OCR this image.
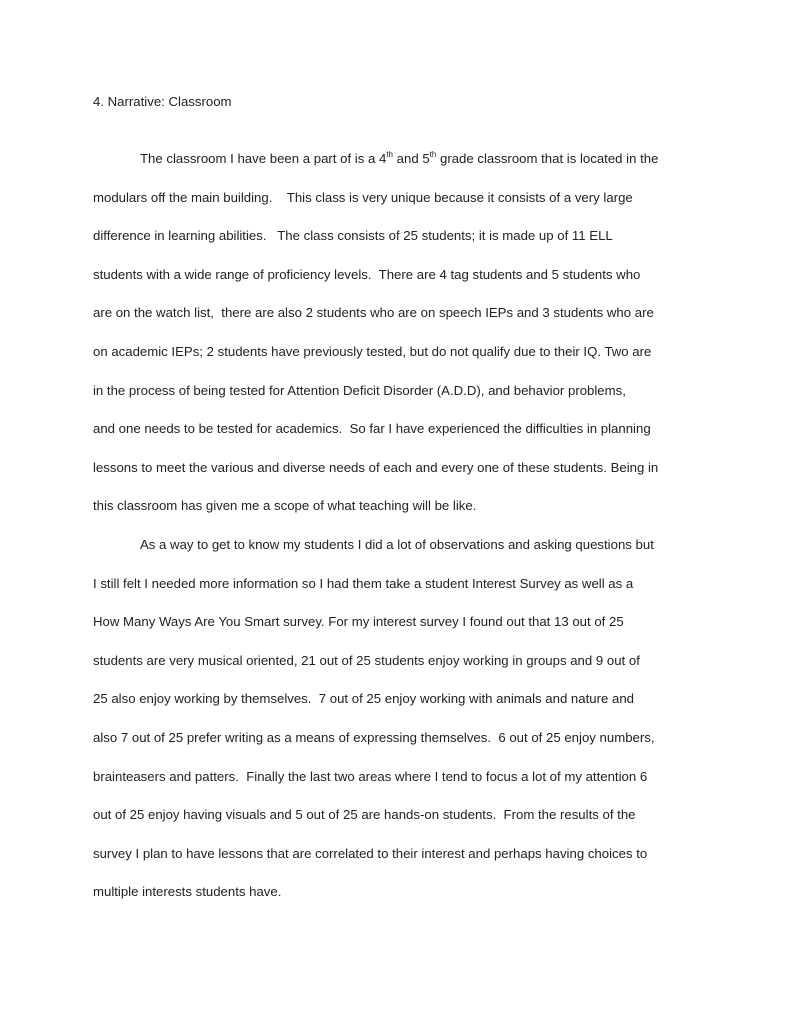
4. Narrative: Classroom
The classroom I have been a part of is a 4th and 5th grade classroom that is located in the
modulars off the main building.    This class is very unique because it consists of a very large
difference in learning abilities.   The class consists of 25 students; it is made up of 11 ELL
students with a wide range of proficiency levels.  There are 4 tag students and 5 students who
are on the watch list,  there are also 2 students who are on speech IEPs and 3 students who are
on academic IEPs; 2 students have previously tested, but do not qualify due to their IQ. Two are
in the process of being tested for Attention Deficit Disorder (A.D.D), and behavior problems,
and one needs to be tested for academics.  So far I have experienced the difficulties in planning
lessons to meet the various and diverse needs of each and every one of these students. Being in
this classroom has given me a scope of what teaching will be like.
As a way to get to know my students I did a lot of observations and asking questions but
I still felt I needed more information so I had them take a student Interest Survey as well as a
How Many Ways Are You Smart survey. For my interest survey I found out that 13 out of 25
students are very musical oriented, 21 out of 25 students enjoy working in groups and 9 out of
25 also enjoy working by themselves.  7 out of 25 enjoy working with animals and nature and
also 7 out of 25 prefer writing as a means of expressing themselves.  6 out of 25 enjoy numbers,
brainteasers and patters.  Finally the last two areas where I tend to focus a lot of my attention 6
out of 25 enjoy having visuals and 5 out of 25 are hands-on students.  From the results of the
survey I plan to have lessons that are correlated to their interest and perhaps having choices to
multiple interests students have.
